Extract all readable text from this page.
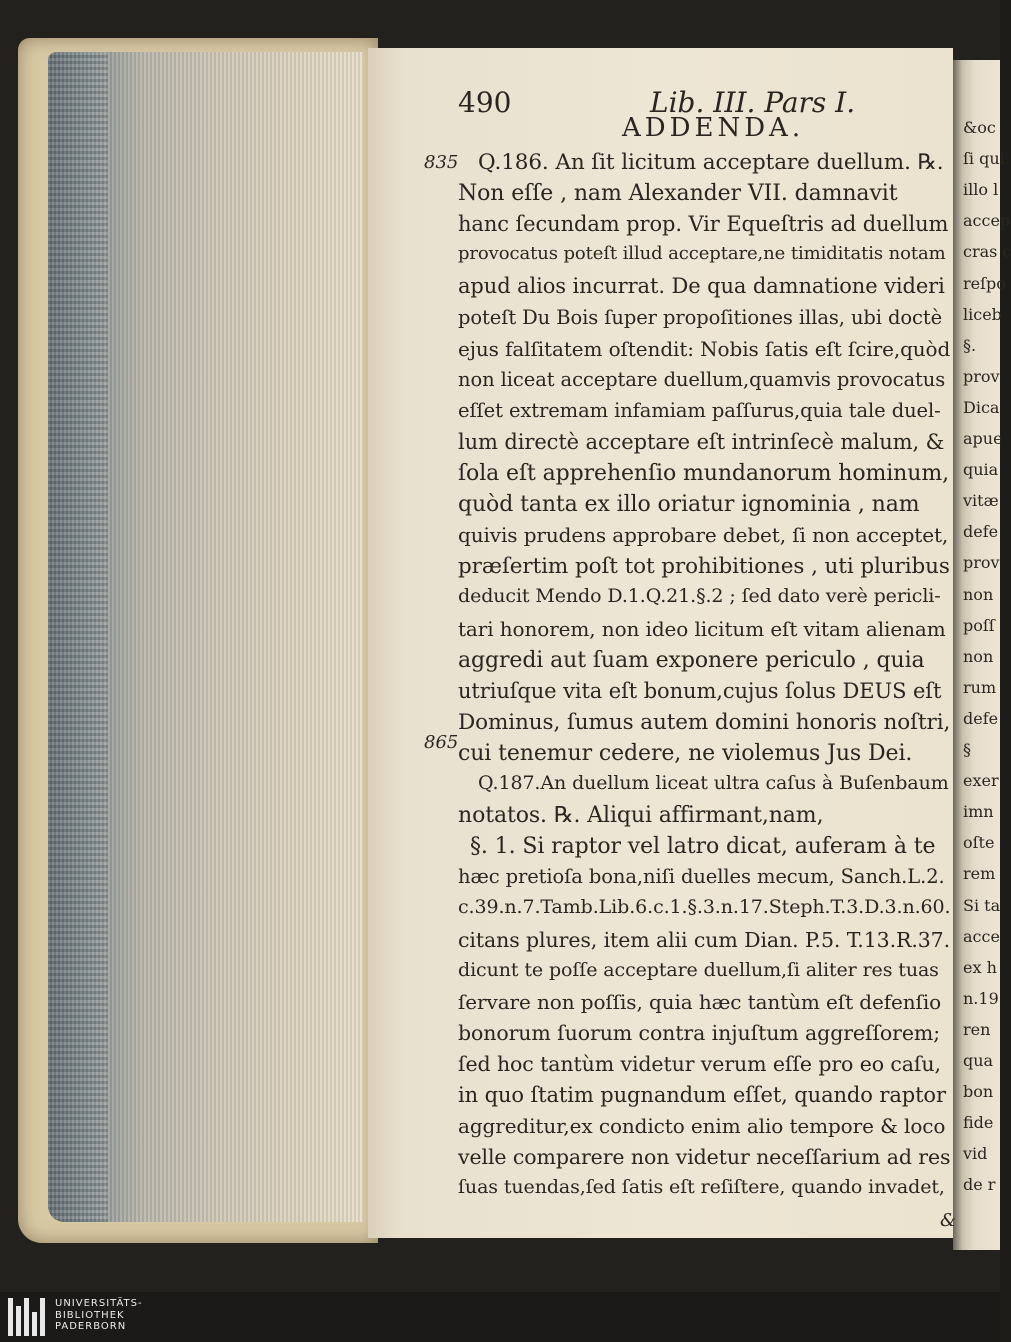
&oc
ſi qui
illo l
accep
cras c
reſpo
liceb
§.
prov
Dica
apue
quia
vitæ
defe
prov
non
poſſ
non
rum
defe
§
exer
imn
oſte
rem
Si ta
acce
ex h
n.19
ren
qua
bon
fide
vid
de r
490	Lib. III. Pars I.
ADDENDA.
835
865
Q.186. An ſit licitum acceptare duellum. ℞.
Non eſſe , nam Alexander VII. damnavit
hanc ſecundam prop. Vir Equeſtris ad duellum
provocatus poteſt illud acceptare,ne timiditatis notam
apud alios incurrat. De qua damnatione videri
poteſt Du Bois ſuper propoſitiones illas, ubi doctè
ejus falſitatem oſtendit: Nobis ſatis eſt ſcire,quòd
non liceat acceptare duellum,quamvis provocatus
eſſet extremam infamiam paſſurus,quia tale duel-
lum directè acceptare eſt intrinſecè malum, &
ſola eſt apprehenſio mundanorum hominum,
quòd tanta ex illo oriatur ignominia , nam
quivis prudens approbare debet, ſi non acceptet,
præſertim poſt tot prohibitiones , uti pluribus
deducit Mendo D.1.Q.21.§.2 ; ſed dato verè pericli-
tari honorem, non ideo licitum eſt vitam alienam
aggredi aut ſuam exponere periculo , quia
utriuſque vita eſt bonum,cujus ſolus DEUS eſt
Dominus, ſumus autem domini honoris noſtri,
cui tenemur cedere, ne violemus Jus Dei.
Q.187.An duellum liceat ultra caſus à Buſenbaum
notatos. ℞. Aliqui affirmant,nam,
§. 1. Si raptor vel latro dicat, auferam à te
hæc pretioſa bona,niſi duelles mecum, Sanch.L.2.
c.39.n.7.Tamb.Lib.6.c.1.§.3.n.17.Steph.T.3.D.3.n.60.
citans plures, item alii cum Dian. P.5. T.13.R.37.
dicunt te poſſe acceptare duellum,ſi aliter res tuas
ſervare non poſſis, quia hæc tantùm eſt defenſio
bonorum ſuorum contra injuſtum aggreſſorem;
ſed hoc tantùm videtur verum eſſe pro eo caſu,
in quo ſtatim pugnandum eſſet, quando raptor
aggreditur,ex condicto enim alio tempore & loco
velle comparere non videtur neceſſarium ad res
ſuas tuendas,ſed ſatis eſt reſiſtere, quando invadet,
&
UNIVERSITÄTS-
BIBLIOTHEK
PADERBORN
